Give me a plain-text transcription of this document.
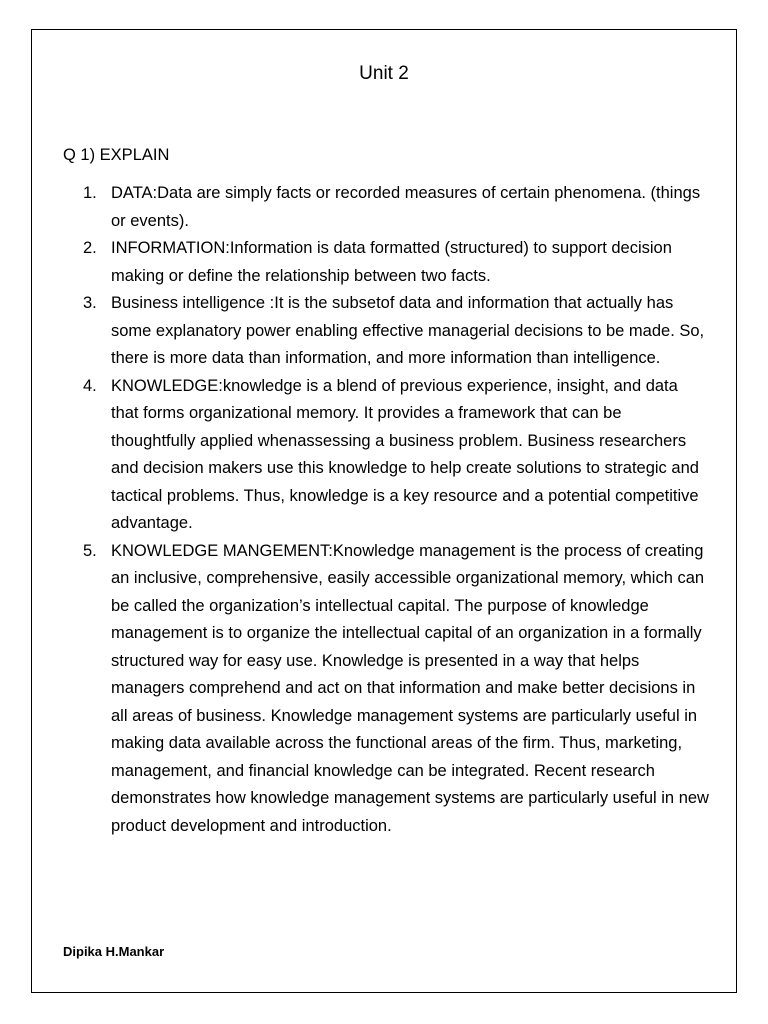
Unit 2
Q 1) EXPLAIN
1. DATA:Data are simply facts or recorded measures of certain phenomena. (things or events).
2. INFORMATION:Information is data formatted (structured) to support decision making or define the relationship between two facts.
3. Business intelligence :It is the subsetof data and information that actually has some explanatory power enabling effective managerial decisions to be made. So, there is more data than information, and more information than intelligence.
4. KNOWLEDGE:knowledge is a blend of previous experience, insight, and data that forms organizational memory. It provides a framework that can be thoughtfully applied whenassessing a business problem. Business researchers and decision makers use this knowledge to help create solutions to strategic and tactical problems. Thus, knowledge is a key resource and a potential competitive advantage.
5. KNOWLEDGE MANGEMENT:Knowledge management is the process of creating an inclusive, comprehensive, easily accessible organizational memory, which can be called the organization’s intellectual capital. The purpose of knowledge management is to organize the intellectual capital of an organization in a formally structured way for easy use. Knowledge is presented in a way that helps managers comprehend and act on that information and make better decisions in all areas of business. Knowledge management systems are particularly useful in making data available across the functional areas of the firm. Thus, marketing, management, and financial knowledge can be integrated. Recent research demonstrates how knowledge management systems are particularly useful in new product development and introduction.
Dipika H.Mankar
